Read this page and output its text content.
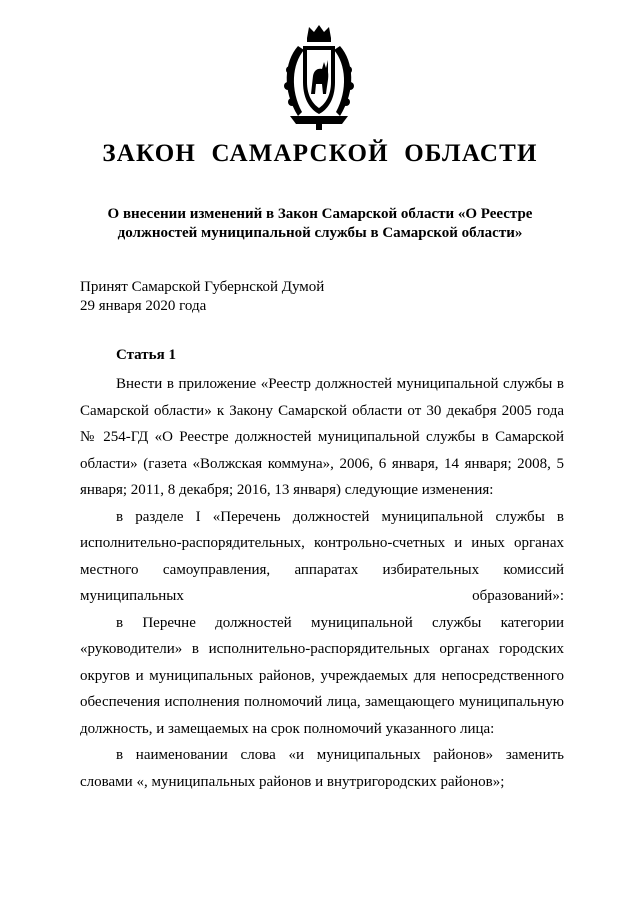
ЗАКОН САМАРСКОЙ ОБЛАСТИ
О внесении изменений в Закон Самарской области «О Реестре должностей муниципальной службы в Самарской области»
Принят Самарской Губернской Думой
29 января 2020 года
Статья 1

Внести в приложение «Реестр должностей муниципальной службы в Самарской области» к Закону Самарской области от 30 декабря 2005 года № 254-ГД «О Реестре должностей муниципальной службы в Самарской области» (газета «Волжская коммуна», 2006, 6 января, 14 января; 2008, 5 января; 2011, 8 декабря; 2016, 13 января) следующие изменения:

в разделе I «Перечень должностей муниципальной службы в исполнительно-распорядительных, контрольно-счетных и иных органах местного самоуправления, аппаратах избирательных комиссий муниципальных образований»:

в Перечне должностей муниципальной службы категории «руководители» в исполнительно-распорядительных органах городских округов и муниципальных районов, учреждаемых для непосредственного обеспечения исполнения полномочий лица, замещающего муниципальную должность, и замещаемых на срок полномочий указанного лица:

в наименовании слова «и муниципальных районов» заменить словами «, муниципальных районов и внутригородских районов»;
